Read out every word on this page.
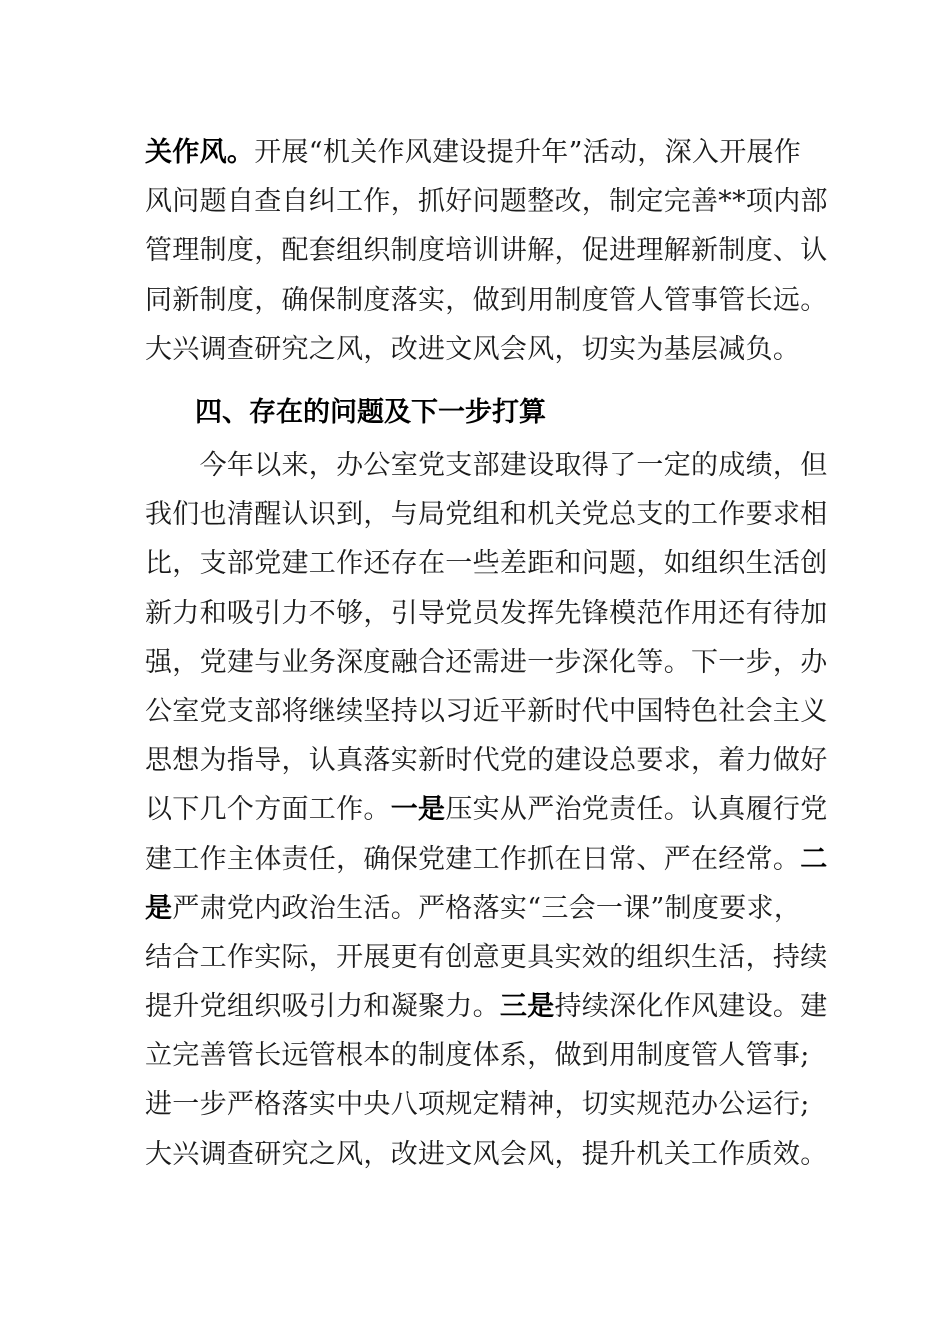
关作风。开展“机关作风建设提升年”活动，深入开展作
风问题自查自纠工作，抓好问题整改，制定完善**项内部
管理制度，配套组织制度培训讲解，促进理解新制度、认
同新制度，确保制度落实，做到用制度管人管事管长远。
大兴调查研究之风，改进文风会风，切实为基层减负。
四、存在的问题及下一步打算
　　今年以来，办公室党支部建设取得了一定的成绩，但
我们也清醒认识到，与局党组和机关党总支的工作要求相
比，支部党建工作还存在一些差距和问题，如组织生活创
新力和吸引力不够，引导党员发挥先锋模范作用还有待加
强，党建与业务深度融合还需进一步深化等。下一步，办
公室党支部将继续坚持以习近平新时代中国特色社会主义
思想为指导，认真落实新时代党的建设总要求，着力做好
以下几个方面工作。一是压实从严治党责任。认真履行党
建工作主体责任，确保党建工作抓在日常、严在经常。二
是严肃党内政治生活。严格落实“三会一课”制度要求，
结合工作实际，开展更有创意更具实效的组织生活，持续
提升党组织吸引力和凝聚力。三是持续深化作风建设。建
立完善管长远管根本的制度体系，做到用制度管人管事;
进一步严格落实中央八项规定精神，切实规范办公运行;
大兴调查研究之风，改进文风会风，提升机关工作质效。
